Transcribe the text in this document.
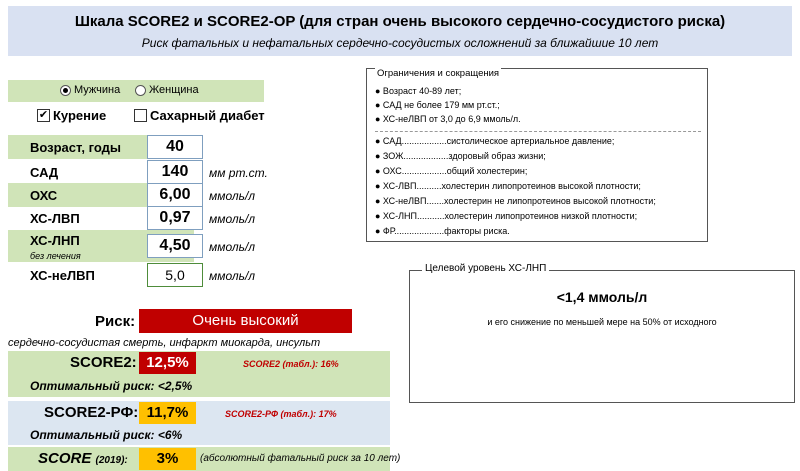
Шкала SCORE2 и SCORE2-OP (для стран очень высокого сердечно-сосудистого риска)
Риск фатальных и нефатальных сердечно-сосудистых осложнений за ближайшие 10 лет
Мужчина	Женщина
✔ Курение	Сахарный диабет
Возраст, годы	40
САД	140	мм рт.ст.
ОХС	6,00	ммоль/л
ХС-ЛВП	0,97	ммоль/л
ХС-ЛНП
без лечения
4,50	ммоль/л
ХС-неЛВП	5,0	ммоль/л
Риск:	Очень высокий
сердечно-сосудистая смерть, инфаркт миокарда, инсульт
SCORE2: 12,5%	SCORE2 (табл.): 16%
Оптимальный риск: <2,5%
SCORE2-РФ: 11,7%	SCORE2-РФ (табл.): 17%
Оптимальный риск: <6%
SCORE (2019):	3%	(абсолютный фатальный риск за 10 лет)
Ограничения и сокращения
● Возраст 40-89 лет;
● САД не более 179 мм рт.ст.;
● ХС-неЛВП от 3,0 до 6,9 ммоль/л.
● САД..................систолическое артериальное давление;
● ЗОЖ..................здоровый образ жизни;
● ОХС..................общий холестерин;
● ХС-ЛВП..........холестерин липопротеинов высокой плотности;
● ХС-неЛВП.......холестерин не липопротеинов высокой плотности;
● ХС-ЛНП...........холестерин липопротеинов низкой плотности;
● ФР....................факторы риска.
Целевой уровень ХС-ЛНП
<1,4 ммоль/л
и его снижение по меньшей мере на 50% от исходного
